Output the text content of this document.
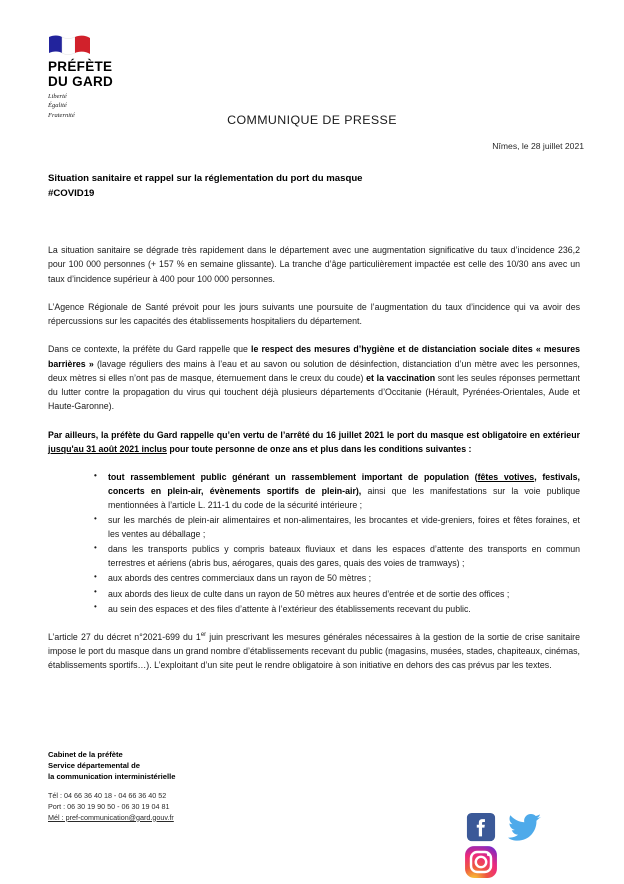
PRÉFÈTE
DU GARD
Liberté
Égalité
Fraternité	COMMUNIQUE DE PRESSE
Nîmes, le 28 juillet 2021
Situation sanitaire et rappel sur la réglementation du port du masque
#COVID19

La situation sanitaire se dégrade très rapidement dans le département avec une augmentation significative du taux d’incidence 236,2 pour 100 000 personnes (+ 157 % en semaine glissante). La tranche d’âge particulièrement impactée est celle des 10/30 ans avec un taux d’incidence supérieur à 400 pour 100 000 personnes.

L’Agence Régionale de Santé prévoit pour les jours suivants une poursuite de l’augmentation du taux d’incidence qui va avoir des répercussions sur les capacités des établissements hospitaliers du département.

Dans ce contexte, la préfète du Gard rappelle que le respect des mesures d’hygiène et de distanciation sociale dites « mesures barrières » (lavage réguliers des mains à l’eau et au savon ou solution de désinfection, distanciation d’un mètre avec les personnes, deux mètres si elles n’ont pas de masque, éternuement dans le creux du coude) et la vaccination sont les seules réponses permettant du lutter contre la propagation du virus qui touchent déjà plusieurs départements d’Occitanie (Hérault, Pyrénées-Orientales, Aude et Haute-Garonne).

Par ailleurs, la préfète du Gard rappelle qu’en vertu de l’arrêté du 16 juillet 2021 le port du masque est obligatoire en extérieur jusqu'au 31 août 2021 inclus pour toute personne de onze ans et plus dans les conditions suivantes :

• tout rassemblement public générant un rassemblement important de population (fêtes votives, festivals, concerts en plein-air, évènements sportifs de plein-air), ainsi que les manifestations sur la voie publique mentionnées à l’article L. 211-1 du code de la sécurité intérieure ;
• sur les marchés de plein-air alimentaires et non-alimentaires, les brocantes et vide-greniers, foires et fêtes foraines, et les ventes au déballage ;
• dans les transports publics y compris bateaux fluviaux et dans les espaces d’attente des transports en commun terrestres et aériens (abris bus, aérogares, quais des gares, quais des voies de tramways) ;
• aux abords des centres commerciaux dans un rayon de 50 mètres ;
• aux abords des lieux de culte dans un rayon de 50 mètres aux heures d’entrée et de sortie des offices ;
• au sein des espaces et des files d’attente à l’extérieur des établissements recevant du public.

L’article 27 du décret n°2021-699 du 1er juin prescrivant les mesures générales nécessaires à la gestion de la sortie de crise sanitaire impose le port du masque dans un grand nombre d’établissements recevant du public (magasins, musées, stades, chapiteaux, cinémas, établissements sportifs…). L’exploitant d’un site peut le rendre obligatoire à son initiative en dehors des cas prévus par les textes.

Cabinet de la préfète
Service départemental de
la communication interministérielle
Tél : 04 66 36 40 18 - 04 66 36 40 52
Port : 06 30 19 90 50 - 06 30 19 04 81
Mél : pref-communication@gard.gouv.fr
